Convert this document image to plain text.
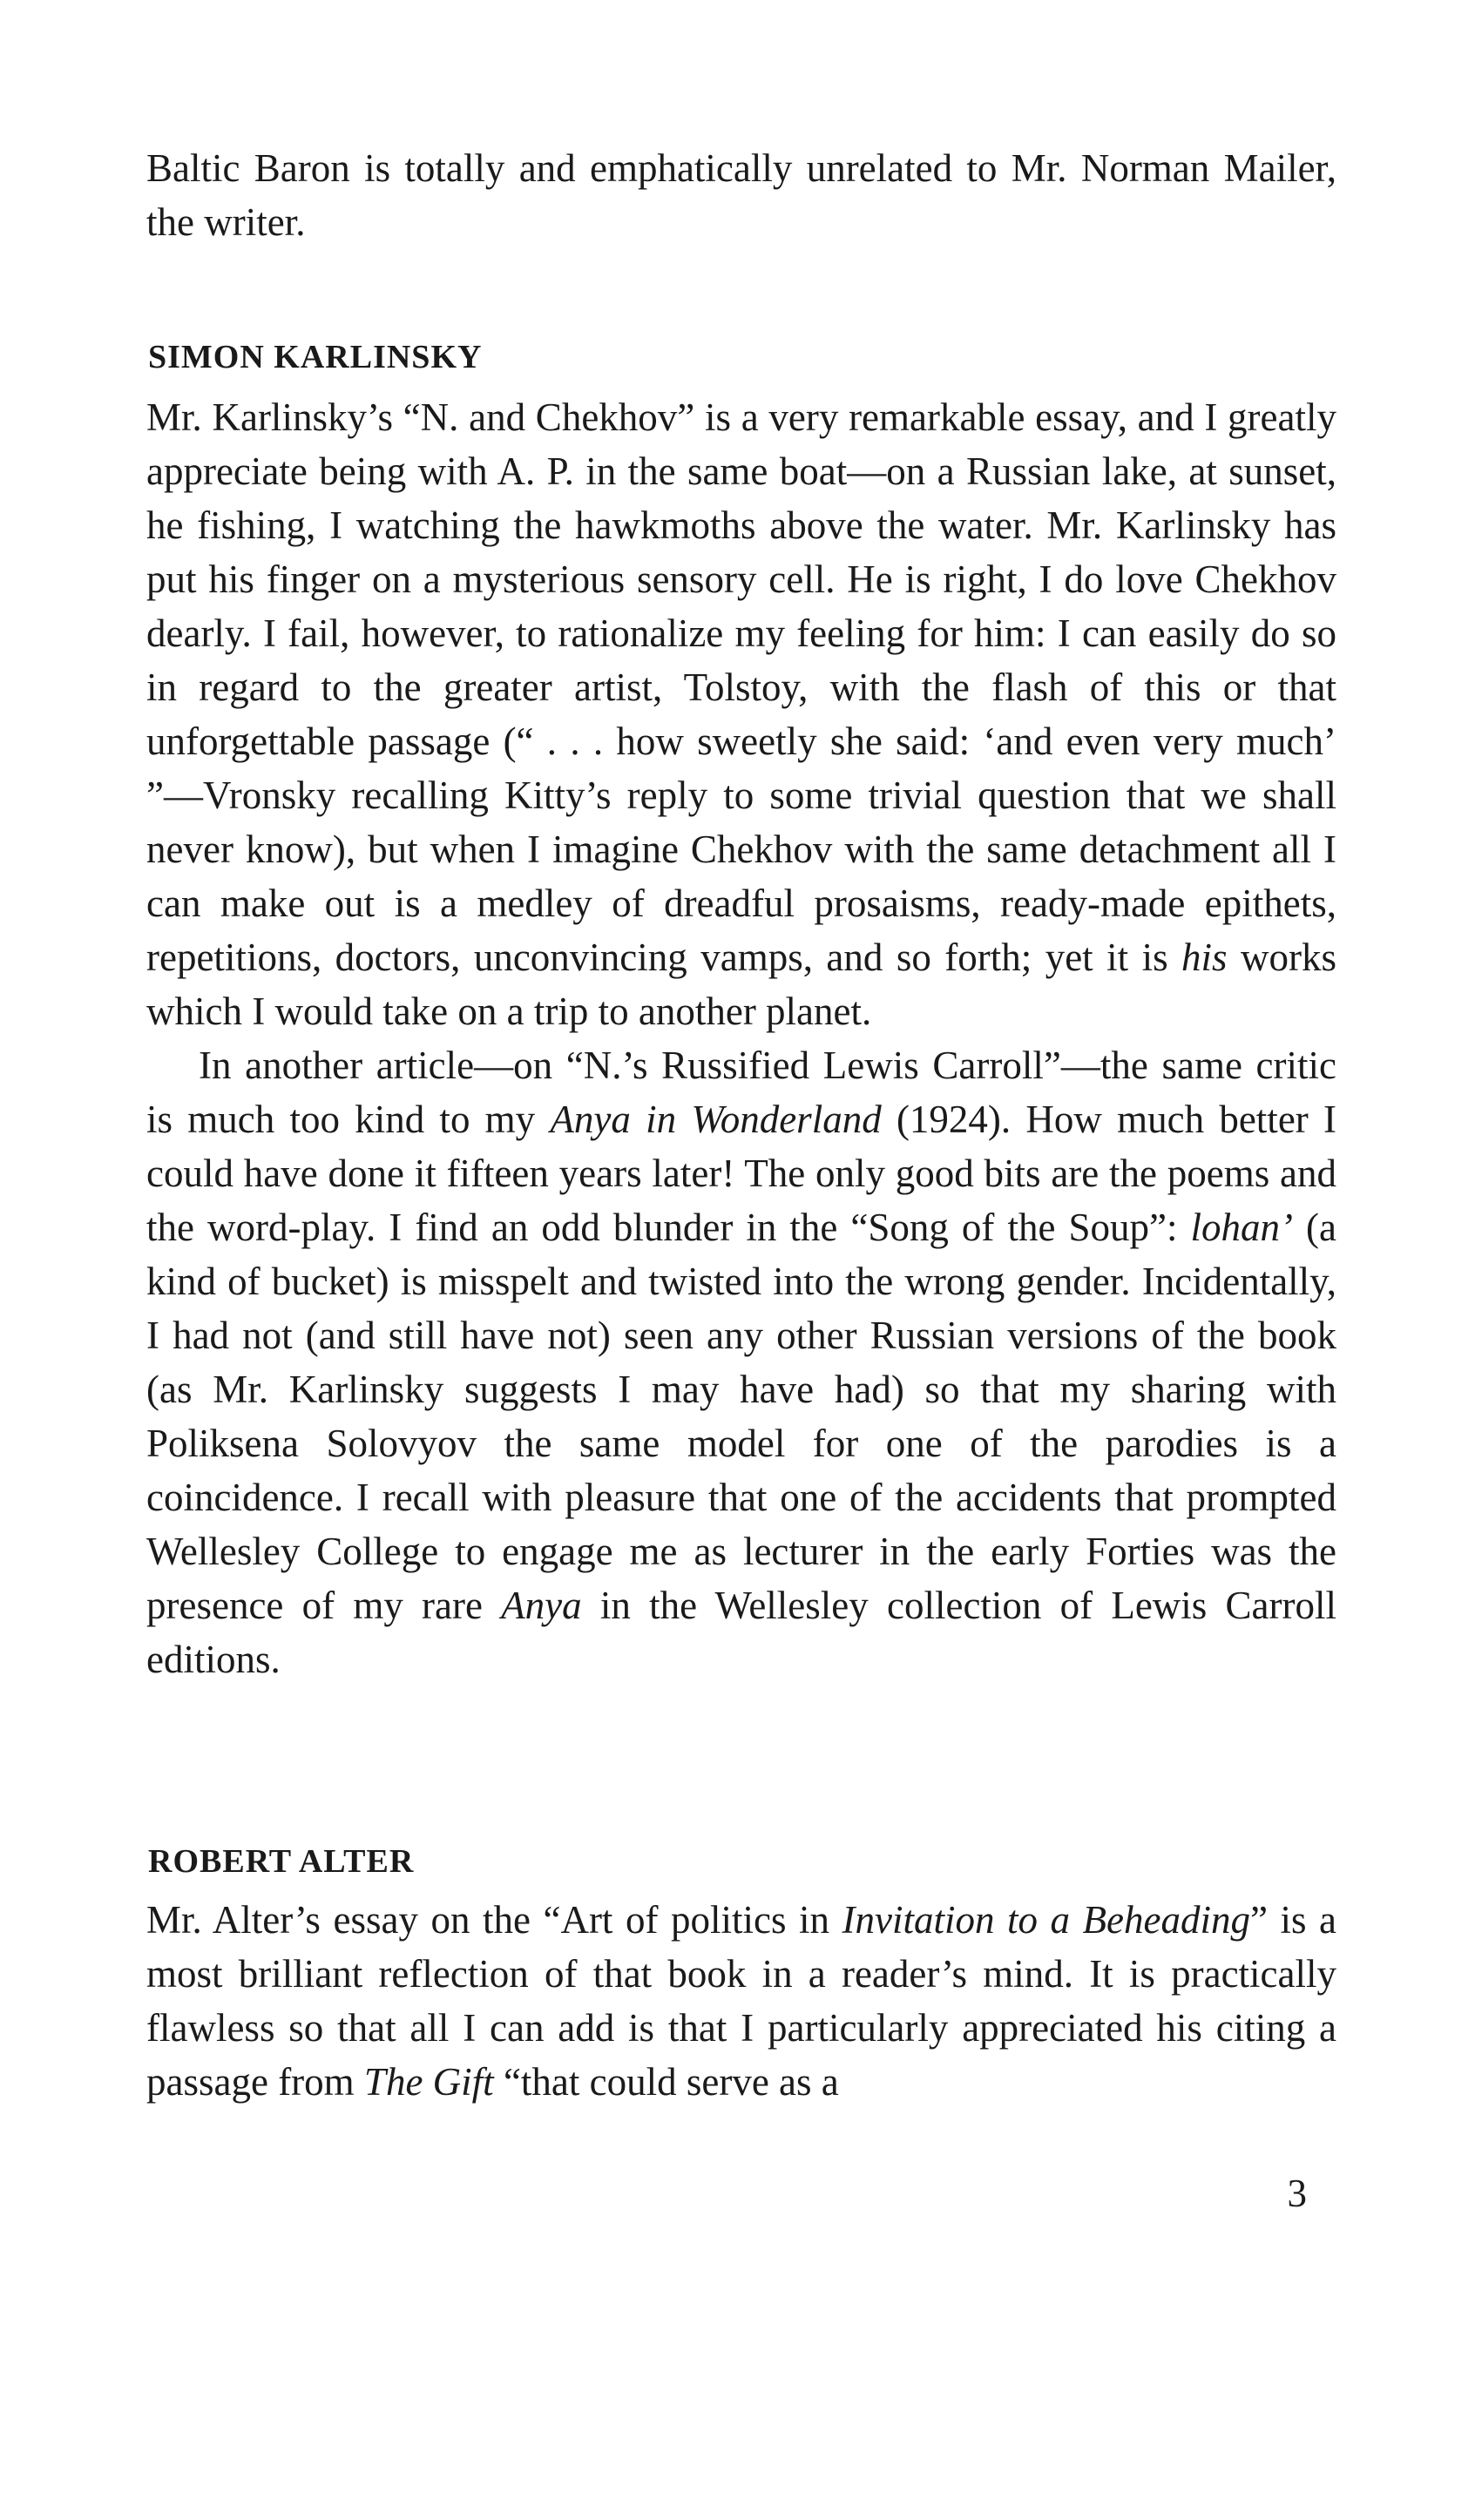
Baltic Baron is totally and emphatically unrelated to Mr. Norman Mailer, the writer.

SIMON KARLINSKY

Mr. Karlinsky’s “N. and Chekhov” is a very remarkable essay, and I greatly appreciate being with A. P. in the same boat—on a Russian lake, at sunset, he fishing, I watching the hawkmoths above the water. Mr. Karlinsky has put his finger on a mysterious sensory cell. He is right, I do love Chekhov dearly. I fail, however, to rationalize my feeling for him: I can easily do so in regard to the greater artist, Tolstoy, with the flash of this or that unforgettable passage (“ . . . how sweetly she said: ‘and even very much’ ”—Vronsky recalling Kitty’s reply to some trivial question that we shall never know), but when I imagine Chekhov with the same detachment all I can make out is a medley of dreadful prosaisms, ready-made epithets, repetitions, doctors, unconvincing vamps, and so forth; yet it is his works which I would take on a trip to another planet.

In another article—on “N.’s Russified Lewis Carroll”—the same critic is much too kind to my Anya in Wonderland (1924). How much better I could have done it fifteen years later! The only good bits are the poems and the word-play. I find an odd blunder in the “Song of the Soup”: lohan’ (a kind of bucket) is misspelt and twisted into the wrong gender. Incidentally, I had not (and still have not) seen any other Russian versions of the book (as Mr. Karlinsky suggests I may have had) so that my sharing with Poliksena Solovyov the same model for one of the parodies is a coincidence. I recall with pleasure that one of the accidents that prompted Wellesley College to engage me as lecturer in the early Forties was the presence of my rare Anya in the Wellesley collection of Lewis Carroll editions.

ROBERT ALTER

Mr. Alter’s essay on the “Art of politics in Invitation to a Beheading” is a most brilliant reflection of that book in a reader’s mind. It is practically flawless so that all I can add is that I particularly appreciated his citing a passage from The Gift “that could serve as a

3
